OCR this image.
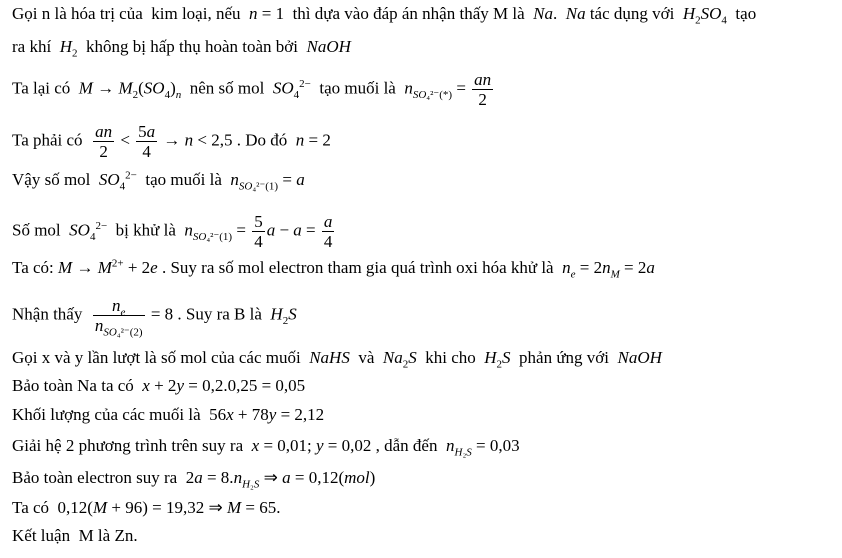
Gọi n là hóa trị của  kim loại, nếu  n = 1  thì dựa vào đáp án nhận thấy M là  Na.  Na tác dụng với  $H_2SO_4$  tạo
ra khí  $H_2$  không bị hấp thụ hoàn toàn bởi  NaOH
Ta lại có  $M \to M_2(SO_4)_n$  nên số mol  $SO_4^{2-}$  tạo muối là  $n_{SO_4^{2-}(*)} = \frac{an}{2}$
Ta phải có $\frac{an}{2} < \frac{5a}{4} \to n < 2,5$ . Do đó  n = 2
Vậy số mol  $SO_4^{2-}$  tạo muối là  $n_{SO_4^{2-}(1)} = a$
Số mol  $SO_4^{2-}$  bị khử là  $n_{SO_4^{2-}(1)} = \frac{5}{4}$ $a - a = \frac{a}{4}$
Ta có: $M \to M^{2+} + 2e$ . Suy ra số mol electron tham gia quá trình oxi hóa khử là  $n_e = 2n_M = 2a$
Nhận thấy $\frac{n_e}{n_{SO_4^{2-}(2)}} = 8$ . Suy ra B là  $H_2S$
Gọi x và y lần lượt là số mol của các muối  NaHS  và  $Na_2S$  khi cho  $H_2S$  phản ứng với  NaOH
Bảo toàn Na ta có  x + 2y = 0,2.0,25 = 0,05
Khối lượng của các muối là  56x + 78y = 2,12
Giải hệ 2 phương trình trên suy ra  x = 0,01; y = 0,02 , dẫn đến  $n_{H_2S} = 0,03$
Bảo toàn electron suy ra  $2a = 8.n_{H_2S}$ ⇒ a = 0,12(mol)
Ta có  0,12(M + 96) = 19,32 ⇒ M = 65.
Kết luận  M là Zn.
